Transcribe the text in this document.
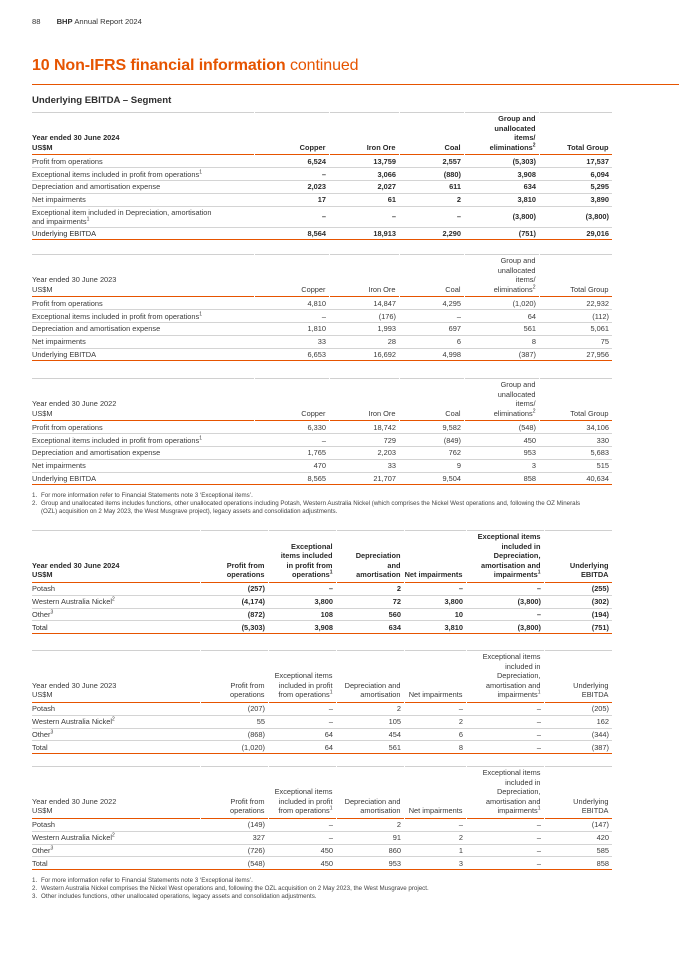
88 BHP Annual Report 2024
10 Non-IFRS financial information continued
Underlying EBITDA – Segment
Year ended 30 June 2024
US$M	Copper	Iron Ore	Coal	Group and unallocated items/ eliminations$^2$	Total Group
Profit from operations	6,524	13,759	2,557	(5,303)	17,537
Exceptional items included in profit from operations$^1$	–	3,066	(880)	3,908	6,094
Depreciation and amortisation expense	2,023	2,027	611	634	5,295
Net impairments	17	61	2	3,810	3,890
Exceptional item included in Depreciation, amortisation and impairments$^1$	–	–	–	(3,800)	(3,800)
Underlying EBITDA	8,564	18,913	2,290	(751)	29,016
Year ended 30 June 2023
US$M	Copper	Iron Ore	Coal	Group and unallocated items/ eliminations$^2$	Total Group
Profit from operations	4,810	14,847	4,295	(1,020)	22,932
Exceptional items included in profit from operations$^1$	–	(176)	–	64	(112)
Depreciation and amortisation expense	1,810	1,993	697	561	5,061
Net impairments	33	28	6	8	75
Underlying EBITDA	6,653	16,692	4,998	(387)	27,956
Year ended 30 June 2022
US$M	Copper	Iron Ore	Coal	Group and unallocated items/ eliminations$^2$	Total Group
Profit from operations	6,330	18,742	9,582	(548)	34,106
Exceptional items included in profit from operations$^1$	–	729	(849)	450	330
Depreciation and amortisation expense	1,765	2,203	762	953	5,683
Net impairments	470	33	9	3	515
Underlying EBITDA	8,565	21,707	9,504	858	40,634
1. For more information refer to Financial Statements note 3 ‘Exceptional items’.
2. Group and unallocated items includes functions, other unallocated operations including Potash, Western Australia Nickel (which comprises the Nickel West operations and, following the OZ Minerals (OZL) acquisition on 2 May 2023, the West Musgrave project), legacy assets and consolidation adjustments.
Year ended 30 June 2024
US$M	Profit from operations	Exceptional items included in profit from operations$^1$	Depreciation and amortisation	Net impairments	Exceptional items included in Depreciation, amortisation and impairments$^1$	Underlying EBITDA
Potash	(257)	–	2	–	–	(255)
Western Australia Nickel$^2$	(4,174)	3,800	72	3,800	(3,800)	(302)
Other$^3$	(872)	108	560	10	–	(194)
Total	(5,303)	3,908	634	3,810	(3,800)	(751)
Year ended 30 June 2023
US$M	Profit from operations	Exceptional items included in profit from operations$^1$	Depreciation and amortisation	Net impairments	Exceptional items included in Depreciation, amortisation and impairments$^1$	Underlying EBITDA
Potash	(207)	–	2	–	–	(205)
Western Australia Nickel$^2$	55	–	105	2	–	162
Other$^3$	(868)	64	454	6	–	(344)
Total	(1,020)	64	561	8	–	(387)
Year ended 30 June 2022
US$M	Profit from operations	Exceptional items included in profit from operations$^1$	Depreciation and amortisation	Net impairments	Exceptional items included in Depreciation, amortisation and impairments$^1$	Underlying EBITDA
Potash	(149)	–	2	–	–	(147)
Western Australia Nickel$^2$	327	–	91	2	–	420
Other$^3$	(726)	450	860	1	–	585
Total	(548)	450	953	3	–	858
1. For more information refer to Financial Statements note 3 ‘Exceptional items’.
2. Western Australia Nickel comprises the Nickel West operations and, following the OZL acquisition on 2 May 2023, the West Musgrave project.
3. Other includes functions, other unallocated operations, legacy assets and consolidation adjustments.
